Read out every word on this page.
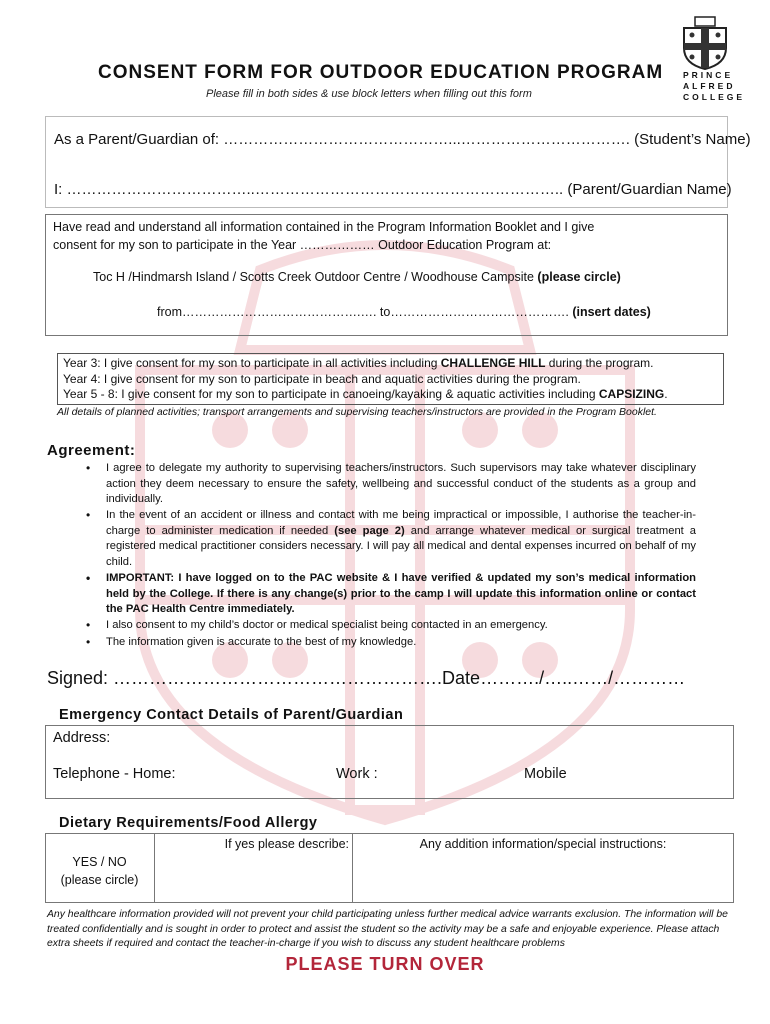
PRINCE
ALFRED
COLLEGE
CONSENT FORM FOR OUTDOOR EDUCATION PROGRAM
Please fill in both sides & use block letters when filling out this form
As a Parent/Guardian of: ………………………………………...……………………………. (Student’s Name)
I: ………………………………..…………………………………………………….. (Parent/Guardian Name)
Have read and understand all information contained in the Program Information Booklet and I give
consent for my son to participate in the Year ……………… Outdoor Education Program at:
Toc H /Hindmarsh Island / Scotts Creek Outdoor Centre / Woodhouse Campsite (please circle)
from…………………………………….…. to……………………………………. (insert dates)
Year 3: I give consent for my son to participate in all activities including CHALLENGE HILL during the program.
Year 4: I give consent for my son to participate in beach and aquatic activities during the program.
Year 5 - 8: I give consent for my son to participate in canoeing/kayaking & aquatic activities including CAPSIZING.
All details of planned activities; transport arrangements and supervising teachers/instructors are provided in the Program Booklet.
Agreement:
• I agree to delegate my authority to supervising teachers/instructors. Such supervisors may take whatever disciplinary action they deem necessary to ensure the safety, wellbeing and successful conduct of the students as a group and individually.
• In the event of an accident or illness and contact with me being impractical or impossible, I authorise the teacher-in- charge to administer medication if needed (see page 2) and arrange whatever medical or surgical treatment a registered medical practitioner considers necessary. I will pay all medical and dental expenses incurred on behalf of my child.
• IMPORTANT: I have logged on to the PAC website & I have verified & updated my son’s medical information held by the College. If there is any change(s) prior to the camp I will update this information online or contact the PAC Health Centre immediately.
• I also consent to my child’s doctor or medical specialist being contacted in an emergency.
• The information given is accurate to the best of my knowledge.
Signed: ……………………………………………….Date………./…..……/…………
Emergency Contact Details of Parent/Guardian
Address:
Telephone - Home:	Work :	Mobile
Dietary Requirements/Food Allergy
YES / NO
(please circle)
If yes please describe:	Any addition information/special instructions:
Any healthcare information provided will not prevent your child participating unless further medical advice warrants exclusion. The information will be treated confidentially and is sought in order to protect and assist the student so the activity may be a safe and enjoyable experience. Please attach extra sheets if required and contact the teacher-in-charge if you wish to discuss any student healthcare problems
PLEASE TURN OVER
